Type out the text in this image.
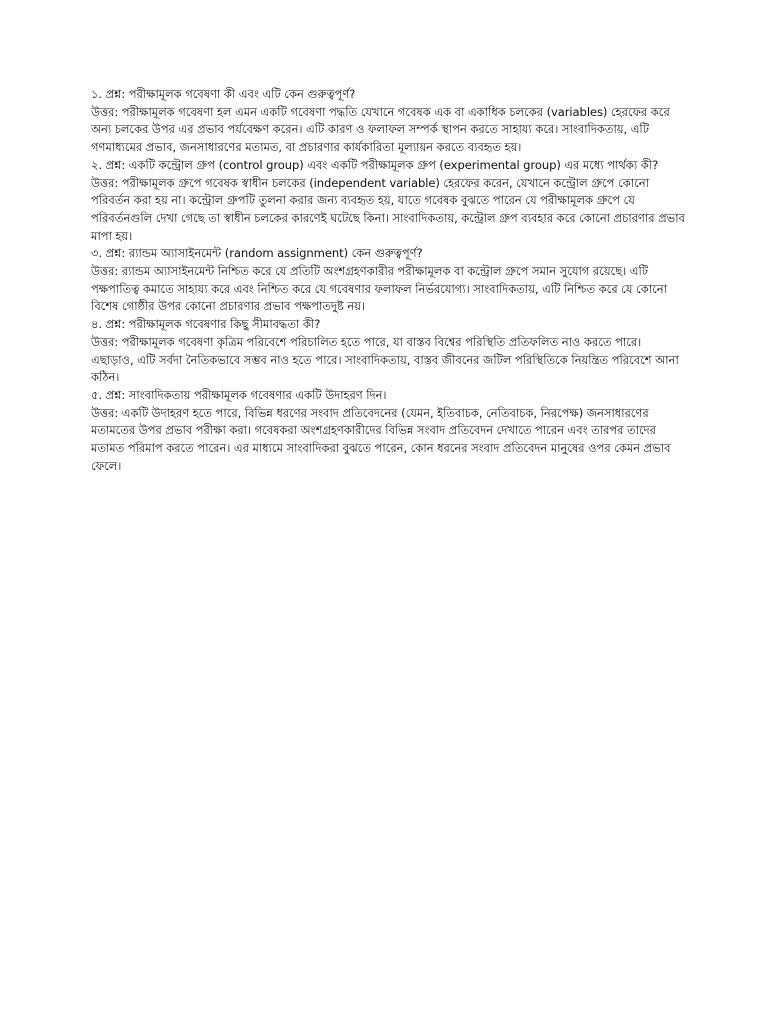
১. প্রশ্ন: পরীক্ষামূলক গবেষণা কী এবং এটি কেন গুরুত্বপূর্ণ?

উত্তর: পরীক্ষামূলক গবেষণা হল এমন একটি গবেষণা পদ্ধতি যেখানে গবেষক এক বা একাধিক চলকের (variables) হেরফের করে অন্য চলকের উপর এর প্রভাব পর্যবেক্ষণ করেন। এটি কারণ ও ফলাফল সম্পর্ক স্থাপন করতে সাহায্য করে। সাংবাদিকতায়, এটি গণমাধ্যমের প্রভাব, জনসাধারণের মতামত, বা প্রচারণার কার্যকারিতা মূল্যায়ন করতে ব্যবহৃত হয়।

২. প্রশ্ন: একটি কন্ট্রোল গ্রুপ (control group) এবং একটি পরীক্ষামূলক গ্রুপ (experimental group) এর মধ্যে পার্থক্য কী?

উত্তর: পরীক্ষামূলক গ্রুপে গবেষক স্বাধীন চলকের (independent variable) হেরফের করেন, যেখানে কন্ট্রোল গ্রুপে কোনো পরিবর্তন করা হয় না। কন্ট্রোল গ্রুপটি তুলনা করার জন্য ব্যবহৃত হয়, যাতে গবেষক বুঝতে পারেন যে পরীক্ষামূলক গ্রুপে যে পরিবর্তনগুলি দেখা গেছে তা স্বাধীন চলকের কারণেই ঘটেছে কিনা। সাংবাদিকতায়, কন্ট্রোল গ্রুপ ব্যবহার করে কোনো প্রচারণার প্রভাব মাপা হয়।

৩. প্রশ্ন: র‍্যান্ডম অ্যাসাইনমেন্ট (random assignment) কেন গুরুত্বপূর্ণ?

উত্তর: র‍্যান্ডম অ্যাসাইনমেন্ট নিশ্চিত করে যে প্রতিটি অংশগ্রহণকারীর পরীক্ষামূলক বা কন্ট্রোল গ্রুপে সমান সুযোগ রয়েছে। এটি পক্ষপাতিত্ব কমাতে সাহায্য করে এবং নিশ্চিত করে যে গবেষণার ফলাফল নির্ভরযোগ্য। সাংবাদিকতায়, এটি নিশ্চিত করে যে কোনো বিশেষ গোষ্ঠীর উপর কোনো প্রচারণার প্রভাব পক্ষপাতদুষ্ট নয়।

৪. প্রশ্ন: পরীক্ষামূলক গবেষণার কিছু সীমাবদ্ধতা কী?

উত্তর: পরীক্ষামূলক গবেষণা কৃত্রিম পরিবেশে পরিচালিত হতে পারে, যা বাস্তব বিশ্বের পরিস্থিতি প্রতিফলিত নাও করতে পারে। এছাড়াও, এটি সর্বদা নৈতিকভাবে সম্ভব নাও হতে পারে। সাংবাদিকতায়, বাস্তব জীবনের জটিল পরিস্থিতিকে নিয়ন্ত্রিত পরিবেশে আনা কঠিন।

৫. প্রশ্ন: সাংবাদিকতায় পরীক্ষামূলক গবেষণার একটি উদাহরণ দিন।

উত্তর: একটি উদাহরণ হতে পারে, বিভিন্ন ধরণের সংবাদ প্রতিবেদনের (যেমন, ইতিবাচক, নেতিবাচক, নিরপেক্ষ) জনসাধারণের মতামতের উপর প্রভাব পরীক্ষা করা। গবেষকরা অংশগ্রহণকারীদের বিভিন্ন সংবাদ প্রতিবেদন দেখাতে পারেন এবং তারপর তাদের মতামত পরিমাপ করতে পারেন। এর মাধ্যমে সাংবাদিকরা বুঝতে পারেন, কোন ধরনের সংবাদ প্রতিবেদন মানুষের ওপর কেমন প্রভাব ফেলে।
